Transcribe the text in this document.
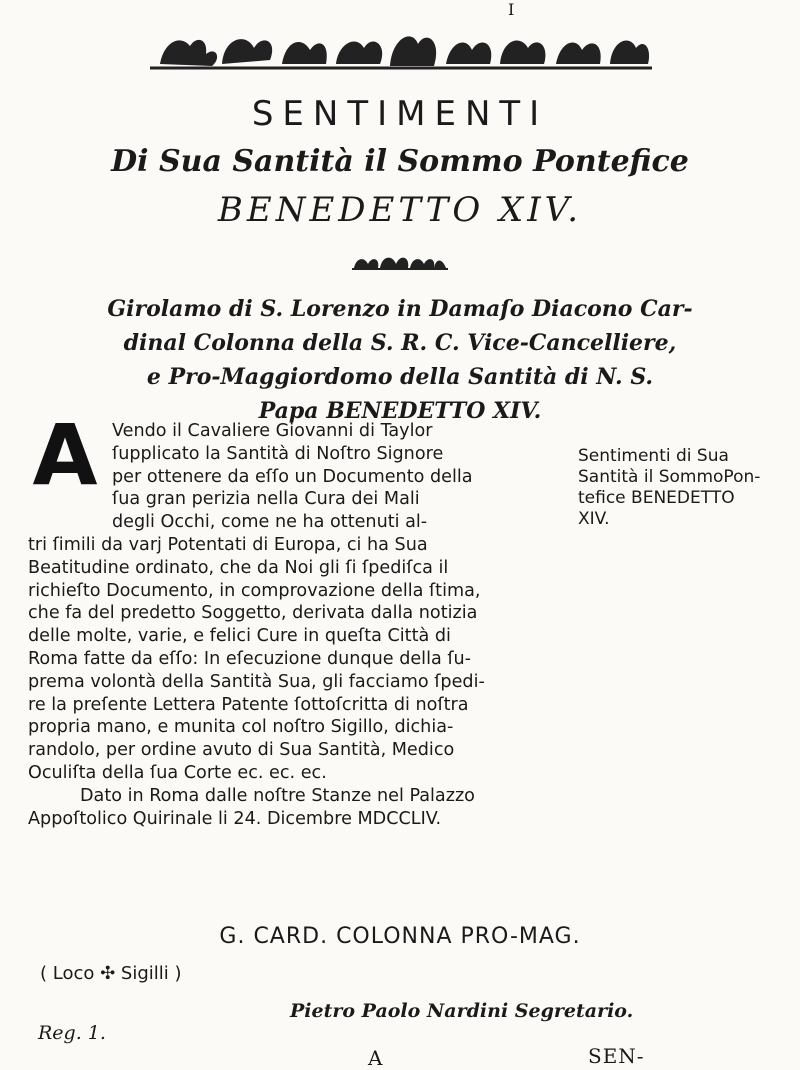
I
SENTIMENTI
Di Sua Santità il Sommo Pontefice
BENEDETTO XIV.
Girolamo di S. Lorenzo in Damaſo Diacono Car-
dinal Colonna della S. R. C. Vice-Cancelliere,
e Pro-Maggiordomo della Santità di N. S.
Papa BENEDETTO XIV.
A Vendo il Cavaliere Giovanni di Taylor
ſupplicato la Santità di Noſtro Signore
per ottenere da eſſo un Documento della
ſua gran perizia nella Cura dei Mali
degli Occhi, come ne ha ottenuti al-
tri ſimili da varj Potentati di Europa, ci ha Sua
Beatitudine ordinato, che da Noi gli ſi ſpediſca il
richieſto Documento, in comprovazione della ſtima,
che fa del predetto Soggetto, derivata dalla notizia
delle molte, varie, e felici Cure in queſta Città di
Roma fatte da eſſo: In eſecuzione dunque della ſu-
prema volontà della Santità Sua, gli facciamo ſpedi-
re la preſente Lettera Patente ſottoſcritta di noſtra
propria mano, e munita col noſtro Sigillo, dichia-
randolo, per ordine avuto di Sua Santità, Medico
Oculiſta della ſua Corte ec. ec. ec.
Dato in Roma dalle noſtre Stanze nel Palazzo
Appoſtolico Quirinale li 24. Dicembre MDCCLIV.
Sentimenti di Sua
Santità il SommoPon-
tefice BENEDETTO
XIV.
G. CARD. COLONNA PRO-MAG.
( Loco ✣ Sigilli )
Pietro Paolo Nardini Segretario.
Reg. 1.
A	SEN-
